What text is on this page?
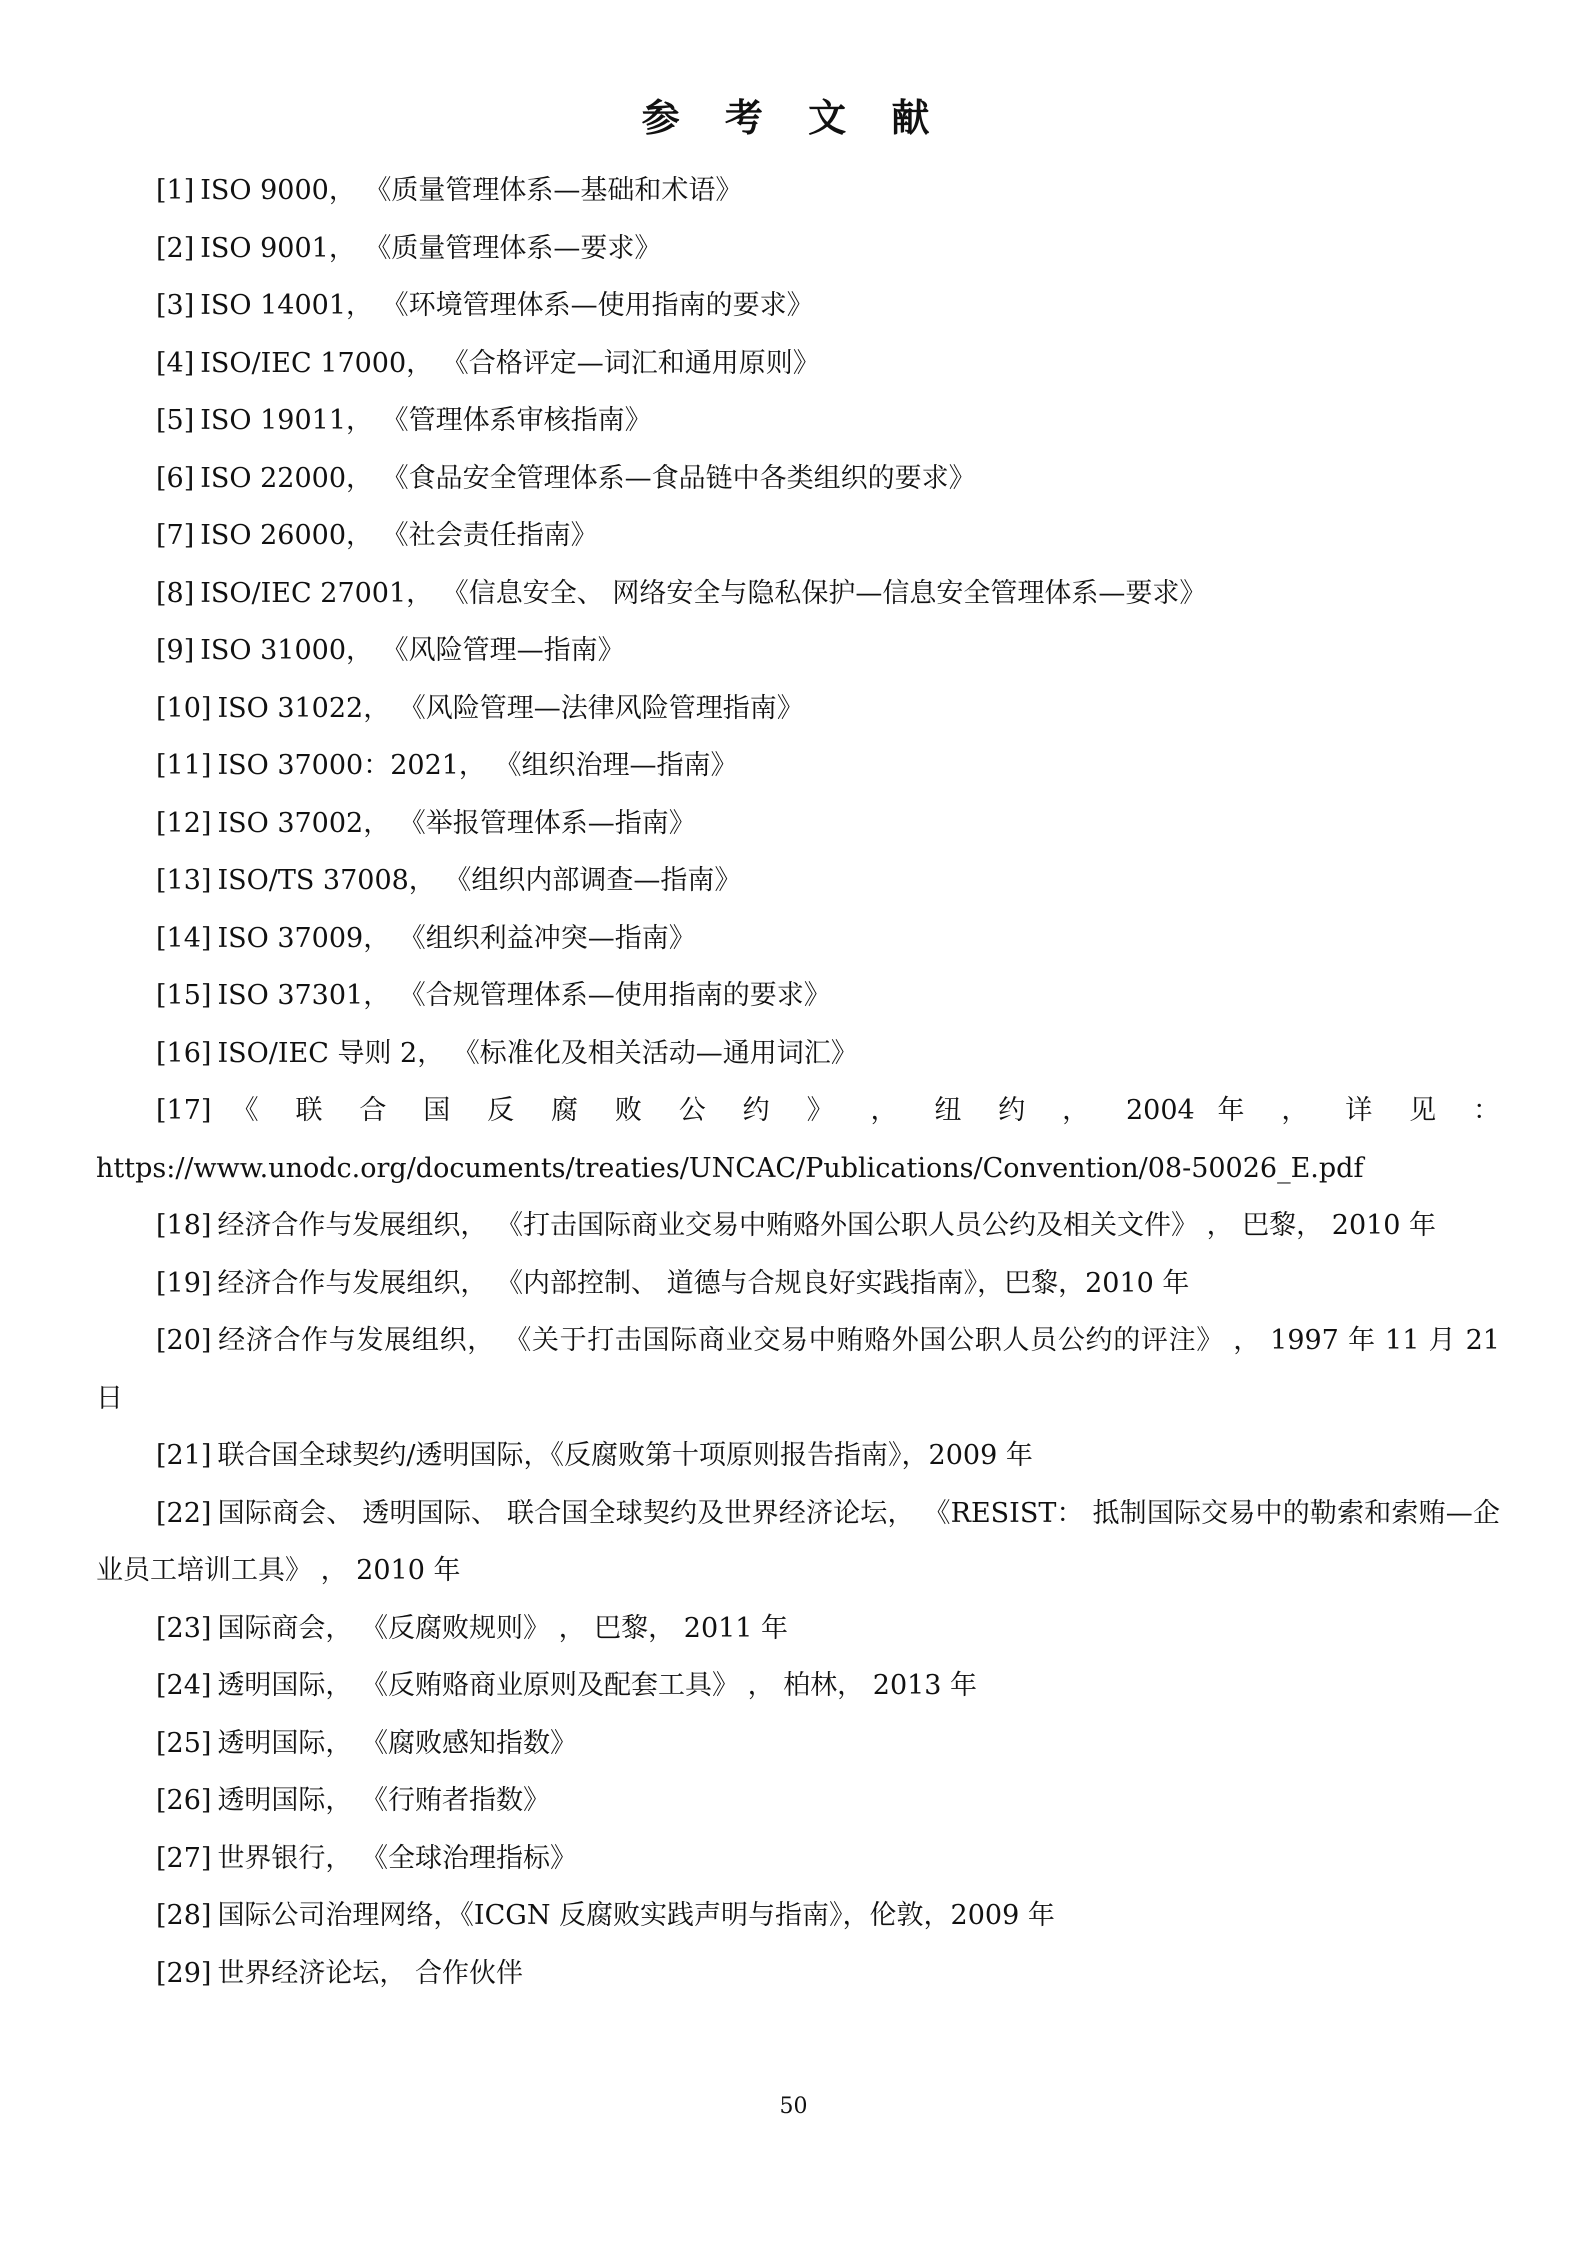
参 考 文 献
[1] ISO 9000， 《质量管理体系—基础和术语》
[2] ISO 9001， 《质量管理体系—要求》
[3] ISO 14001， 《环境管理体系—使用指南的要求》
[4] ISO/IEC 17000， 《合格评定—词汇和通用原则》
[5] ISO 19011， 《管理体系审核指南》
[6] ISO 22000， 《食品安全管理体系—食品链中各类组织的要求》
[7] ISO 26000， 《社会责任指南》
[8] ISO/IEC 27001， 《信息安全、 网络安全与隐私保护—信息安全管理体系—要求》
[9] ISO 31000， 《风险管理—指南》
[10] ISO 31022， 《风险管理—法律风险管理指南》
[11] ISO 37000：2021， 《组织治理—指南》
[12] ISO 37002， 《举报管理体系—指南》
[13] ISO/TS 37008， 《组织内部调查—指南》
[14] ISO 37009， 《组织利益冲突—指南》
[15] ISO 37301， 《合规管理体系—使用指南的要求》
[16] ISO/IEC 导则 2， 《标准化及相关活动—通用词汇》
[17] 《 联 合 国 反 腐 败 公 约 》 ， 纽 约 ， 2004 年 ， 详 见 ：
https://www.unodc.org/documents/treaties/UNCAC/Publications/Convention/08-50026_E.pdf
[18] 经济合作与发展组织， 《打击国际商业交易中贿赂外国公职人员公约及相关文件》 ， 巴黎， 2010 年
[19] 经济合作与发展组织， 《内部控制、 道德与合规良好实践指南》，巴黎，2010 年
[20] 经济合作与发展组织， 《关于打击国际商业交易中贿赂外国公职人员公约的评注》 ， 1997 年 11 月 21 日
[21] 联合国全球契约/透明国际，《反腐败第十项原则报告指南》，2009 年
[22] 国际商会、 透明国际、 联合国全球契约及世界经济论坛， 《RESIST： 抵制国际交易中的勒索和索贿—企业员工培训工具》 ， 2010 年
[23] 国际商会， 《反腐败规则》 ， 巴黎， 2011 年
[24] 透明国际， 《反贿赂商业原则及配套工具》 ， 柏林， 2013 年
[25] 透明国际， 《腐败感知指数》
[26] 透明国际， 《行贿者指数》
[27] 世界银行， 《全球治理指标》
[28] 国际公司治理网络，《ICGN 反腐败实践声明与指南》，伦敦，2009 年
[29] 世界经济论坛， 合作伙伴
50
